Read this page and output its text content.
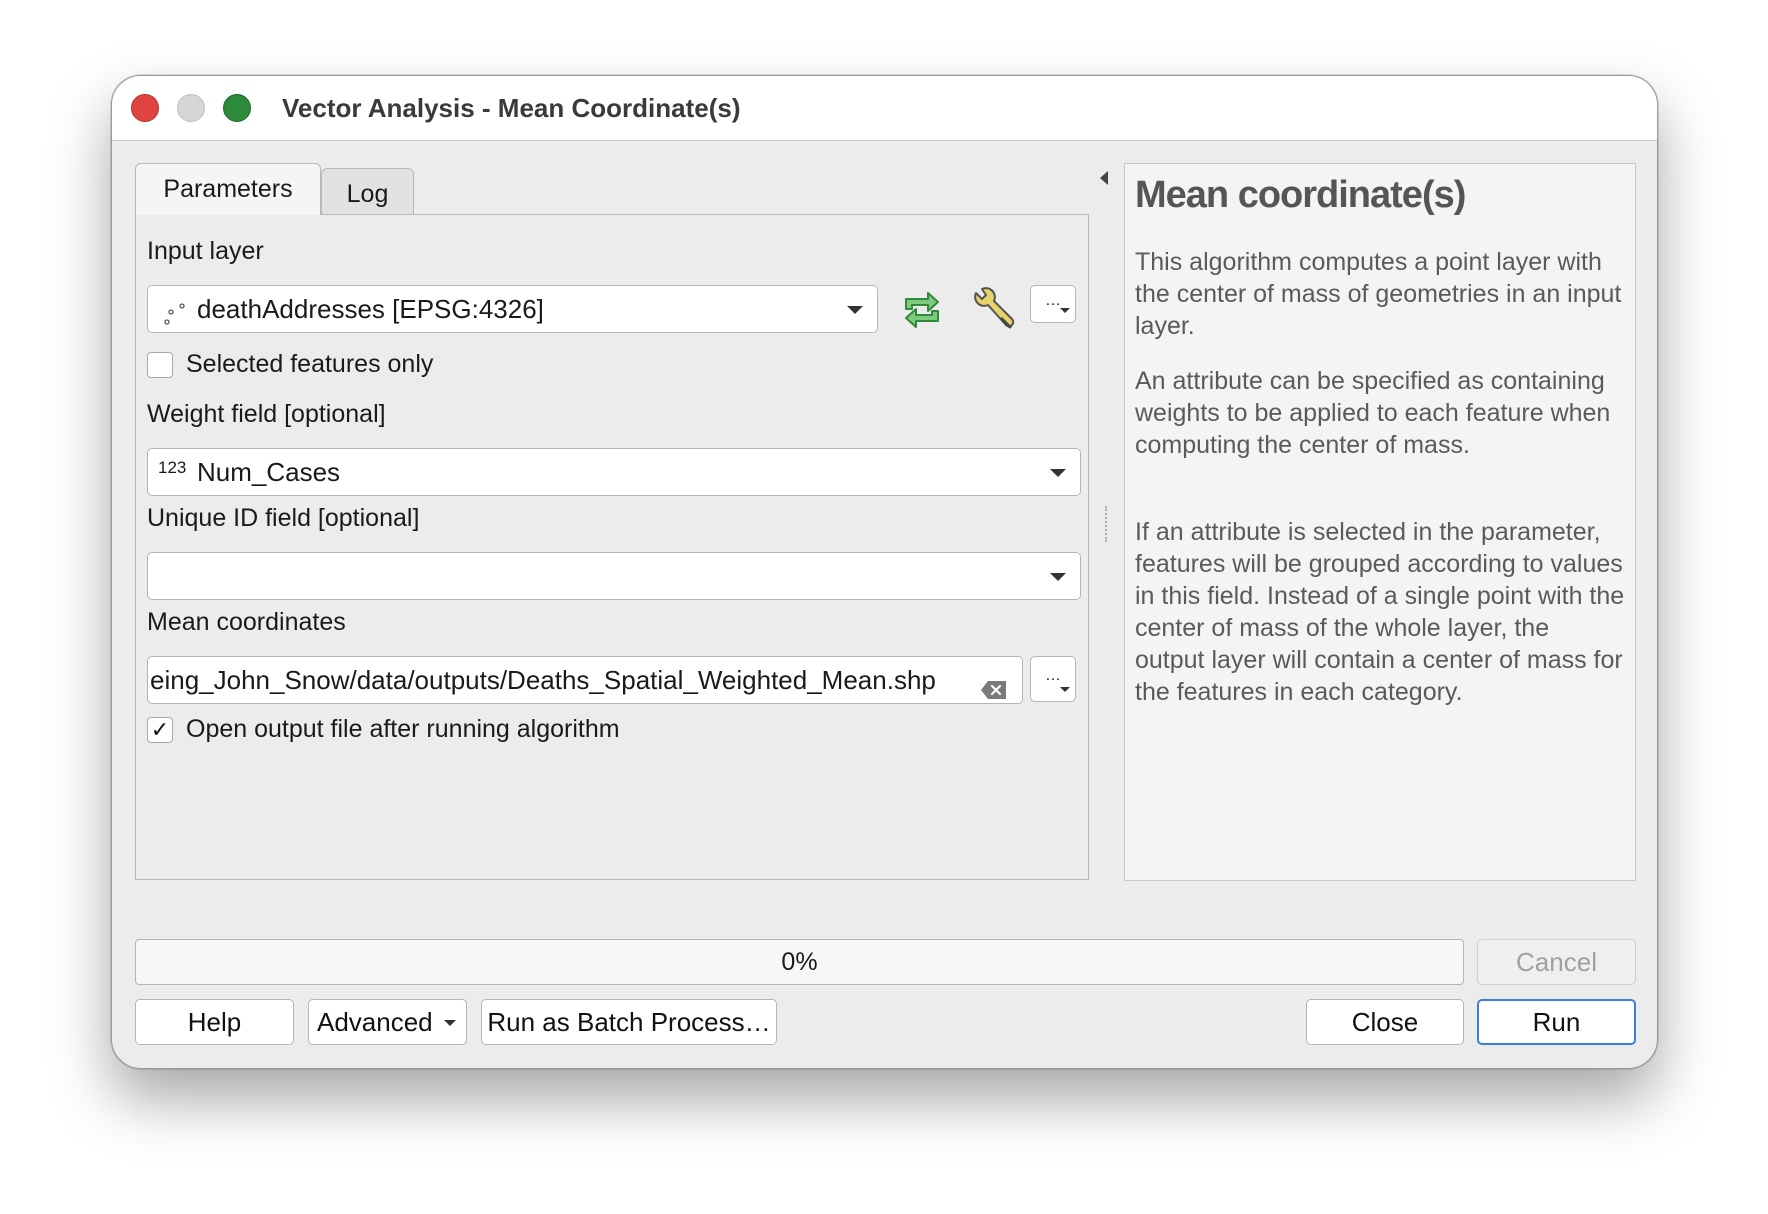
Vector Analysis - Mean Coordinate(s)
Parameters	Log
Input layer
deathAddresses [EPSG:4326]	…
Selected features only
Weight field [optional]
123 Num_Cases
Unique ID field [optional]
Mean coordinates
eing_John_Snow/data/outputs/Deaths_Spatial_Weighted_Mean.shp	…
✓ Open output file after running algorithm
Mean coordinate(s)
This algorithm computes a point layer with the center of mass of geometries in an input layer.
An attribute can be specified as containing weights to be applied to each feature when computing the center of mass.
If an attribute is selected in the parameter, features will be grouped according to values in this field. Instead of a single point with the center of mass of the whole layer, the output layer will contain a center of mass for the features in each category.
0%	Cancel
Help	Advanced	Run as Batch Process…	Close	Run
